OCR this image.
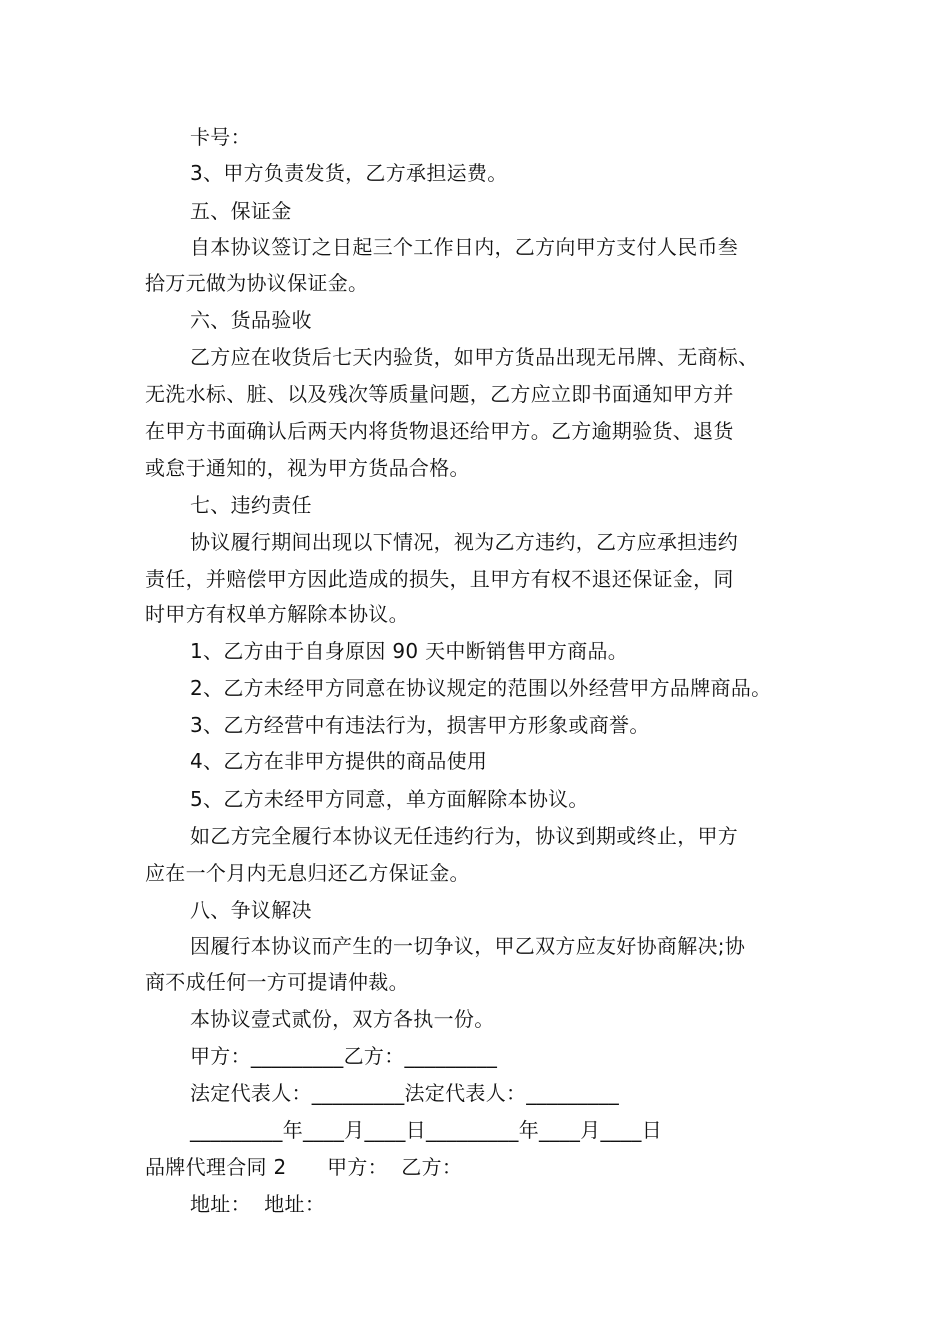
卡号：
3、甲方负责发货，乙方承担运费。
五、保证金
自本协议签订之日起三个工作日内，乙方向甲方支付人民币叁
拾万元做为协议保证金。
六、货品验收
乙方应在收货后七天内验货，如甲方货品出现无吊牌、无商标、
无洗水标、脏、以及残次等质量问题，乙方应立即书面通知甲方并
在甲方书面确认后两天内将货物退还给甲方。乙方逾期验货、退货
或怠于通知的，视为甲方货品合格。
七、违约责任
协议履行期间出现以下情况，视为乙方违约，乙方应承担违约
责任，并赔偿甲方因此造成的损失，且甲方有权不退还保证金，同
时甲方有权单方解除本协议。
1、乙方由于自身原因 90 天中断销售甲方商品。
2、乙方未经甲方同意在协议规定的范围以外经营甲方品牌商品。
3、乙方经营中有违法行为，损害甲方形象或商誉。
4、乙方在非甲方提供的商品使用
5、乙方未经甲方同意，单方面解除本协议。
如乙方完全履行本协议无任违约行为，协议到期或终止，甲方
应在一个月内无息归还乙方保证金。
八、争议解决
因履行本协议而产生的一切争议，甲乙双方应友好协商解决;协
商不成任何一方可提请仲裁。
本协议壹式贰份，双方各执一份。
甲方：_________乙方：_________
法定代表人：_________法定代表人：_________
_________年____月____日_________年____月____日
品牌代理合同 2　　甲方：  乙方：
地址：  地址：
